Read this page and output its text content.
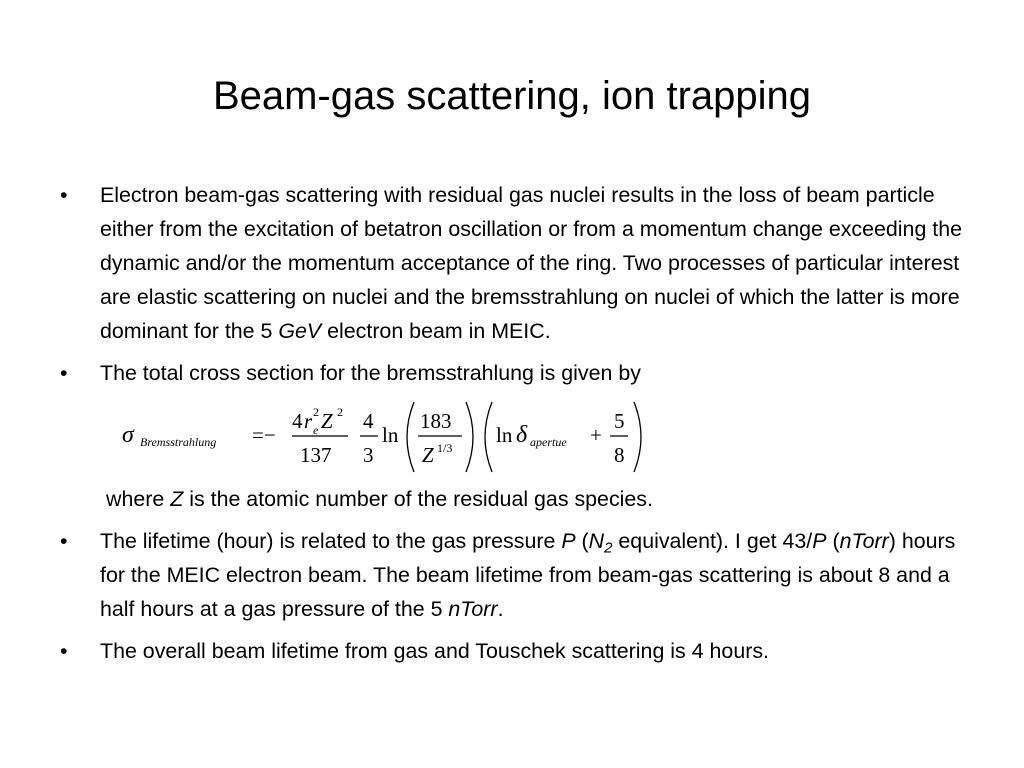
Beam-gas scattering, ion trapping
• Electron beam-gas scattering with residual gas nuclei results in the loss of beam particle either from the excitation of betatron oscillation or from a momentum change exceeding the dynamic and/or the momentum acceptance of the ring. Two processes of particular interest are elastic scattering on nuclei and the bremsstrahlung on nuclei of which the latter is more dominant for the 5 GeV electron beam in MEIC.
• The total cross section for the bremsstrahlung is given by
σ Bremsstrahlung =−
4 r 2
e Z 2
137
4
3
ln
183
Z 1/3
ln δ apertue +
5
8
where Z is the atomic number of the residual gas species.
• The lifetime (hour) is related to the gas pressure P ($N_2$ equivalent). I get 43/P (nTorr) hours for the MEIC electron beam. The beam lifetime from beam-gas scattering is about 8 and a half hours at a gas pressure of the 5 nTorr.
• The overall beam lifetime from gas and Touschek scattering is 4 hours.
